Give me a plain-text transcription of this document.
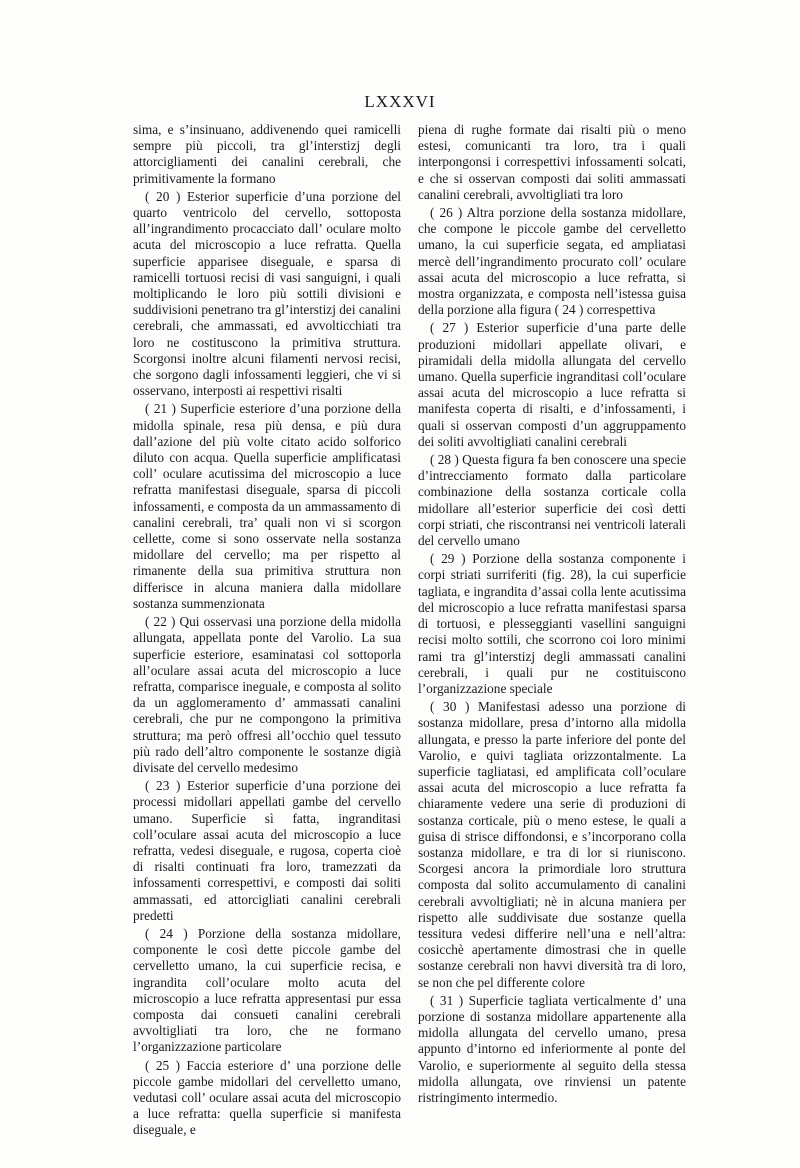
LXXXVI

sima, e s’insinuano, addivenendo quei ramicelli sempre più piccoli, tra gl’interstizj degli attorcigliamenti dei canalini cerebrali, che primitivamente la formano

( 20 ) Esterior superficie d’una porzione del quarto ventricolo del cervello, sottoposta all’ingrandimento procacciato dall’ oculare molto acuta del microscopio a luce refratta. Quella superficie apparisee diseguale, e sparsa di ramicelli tortuosi recisi di vasi sanguigni, i quali moltiplicando le loro più sottili divisioni e suddivisioni penetrano tra gl’interstizj dei canalini cerebrali, che ammassati, ed avvolticchiati tra loro ne costituscono la primitiva struttura. Scorgonsi inoltre alcuni filamenti nervosi recisi, che sorgono dagli infossamenti leggieri, che vi si osservano, interposti ai respettivi risalti

( 21 ) Superficie esteriore d’una porzione della midolla spinale, resa più densa, e più dura dall’azione del più volte citato acido solforico diluto con acqua. Quella superficie amplificatasi coll’ oculare acutissima del microscopio a luce refratta manifestasi diseguale, sparsa di piccoli infossamenti, e composta da un ammassamento di canalini cerebrali, tra’ quali non vi si scorgon cellette, come si sono osservate nella sostanza midollare del cervello; ma per rispetto al rimanente della sua primitiva struttura non differisce in alcuna maniera dalla midollare sostanza summenzionata

( 22 ) Qui osservasi una porzione della midolla allungata, appellata ponte del Varolio. La sua superficie esteriore, esaminatasi col sottoporla all’oculare assai acuta del microscopio a luce refratta, comparisce ineguale, e composta al solito da un agglomeramento d’ ammassati canalini cerebrali, che pur ne compongono la primitiva struttura; ma però offresi all’occhio quel tessuto più rado dell’altro componente le sostanze digià divisate del cervello medesimo

( 23 ) Esterior superficie d’una porzione dei processi midollari appellati gambe del cervello umano. Superficie sì fatta, ingranditasi coll’oculare assai acuta del microscopio a luce refratta, vedesi diseguale, e rugosa, coperta cioè di risalti continuati fra loro, tramezzati da infossamenti correspettivi, e composti dai soliti ammassati, ed attorcigliati canalini cerebrali predetti

( 24 ) Porzione della sostanza midollare, componente le così dette piccole gambe del cervelletto umano, la cui superficie recisa, e ingrandita coll’oculare molto acuta del microscopio a luce refratta appresentasi pur essa composta dai consueti canalini cerebrali avvoltigliati tra loro, che ne formano l’organizzazione particolare

( 25 ) Faccia esteriore d’ una porzione delle piccole gambe midollari del cervelletto umano, vedutasi coll’ oculare assai acuta del microscopio a luce refratta: quella superficie si manifesta diseguale, e

piena di rughe formate dai risalti più o meno estesi, comunicanti tra loro, tra i quali interpongonsi i correspettivi infossamenti solcati, e che si osservan composti dai soliti ammassati canalini cerebrali, avvoltigliati tra loro

( 26 ) Altra porzione della sostanza midollare, che compone le piccole gambe del cervelletto umano, la cui superficie segata, ed ampliatasi mercè dell’ingrandimento procurato coll’ oculare assai acuta del microscopio a luce refratta, si mostra organizzata, e composta nell’istessa guisa della porzione alla figura ( 24 ) correspettiva

( 27 ) Esterior superficie d’una parte delle produzioni midollari appellate olivari, e piramidali della midolla allungata del cervello umano. Quella superficie ingranditasi coll’oculare assai acuta del microscopio a luce refratta si manifesta coperta di risalti, e d’infossamenti, i quali si osservan composti d’un aggruppamento dei soliti avvoltigliati canalini cerebrali

( 28 ) Questa figura fa ben conoscere una specie d’intrecciamento formato dalla particolare combinazione della sostanza corticale colla midollare all’esterior superficie dei così detti corpi striati, che riscontransi nei ventricoli laterali del cervello umano

( 29 ) Porzione della sostanza componente i corpi striati surriferiti (fig. 28), la cui superficie tagliata, e ingrandita d’assai colla lente acutissima del microscopio a luce refratta manifestasi sparsa di tortuosi, e plesseggianti vasellini sanguigni recisi molto sottili, che scorrono coi loro minimi rami tra gl’interstizj degli ammassati canalini cerebrali, i quali pur ne costituiscono l’organizzazione speciale

( 30 ) Manifestasi adesso una porzione di sostanza midollare, presa d’intorno alla midolla allungata, e presso la parte inferiore del ponte del Varolio, e quivi tagliata orizzontalmente. La superficie tagliatasi, ed amplificata coll’oculare assai acuta del microscopio a luce refratta fa chiaramente vedere una serie di produzioni di sostanza corticale, più o meno estese, le quali a guisa di strisce diffondonsi, e s’incorporano colla sostanza midollare, e tra di lor si riuniscono. Scorgesi ancora la primordiale loro struttura composta dal solito accumulamento di canalini cerebrali avvoltigliati; nè in alcuna maniera per rispetto alle suddivisate due sostanze quella tessitura vedesi differire nell’una e nell’altra: cosicchè apertamente dimostrasi che in quelle sostanze cerebrali non havvi diversità tra di loro, se non che pel differente colore

( 31 ) Superficie tagliata verticalmente d’ una porzione di sostanza midollare appartenente alla midolla allungata del cervello umano, presa appunto d’intorno ed inferiormente al ponte del Varolio, e superiormente al seguito della stessa midolla allungata, ove rinviensi un patente ristringimento intermedio.
